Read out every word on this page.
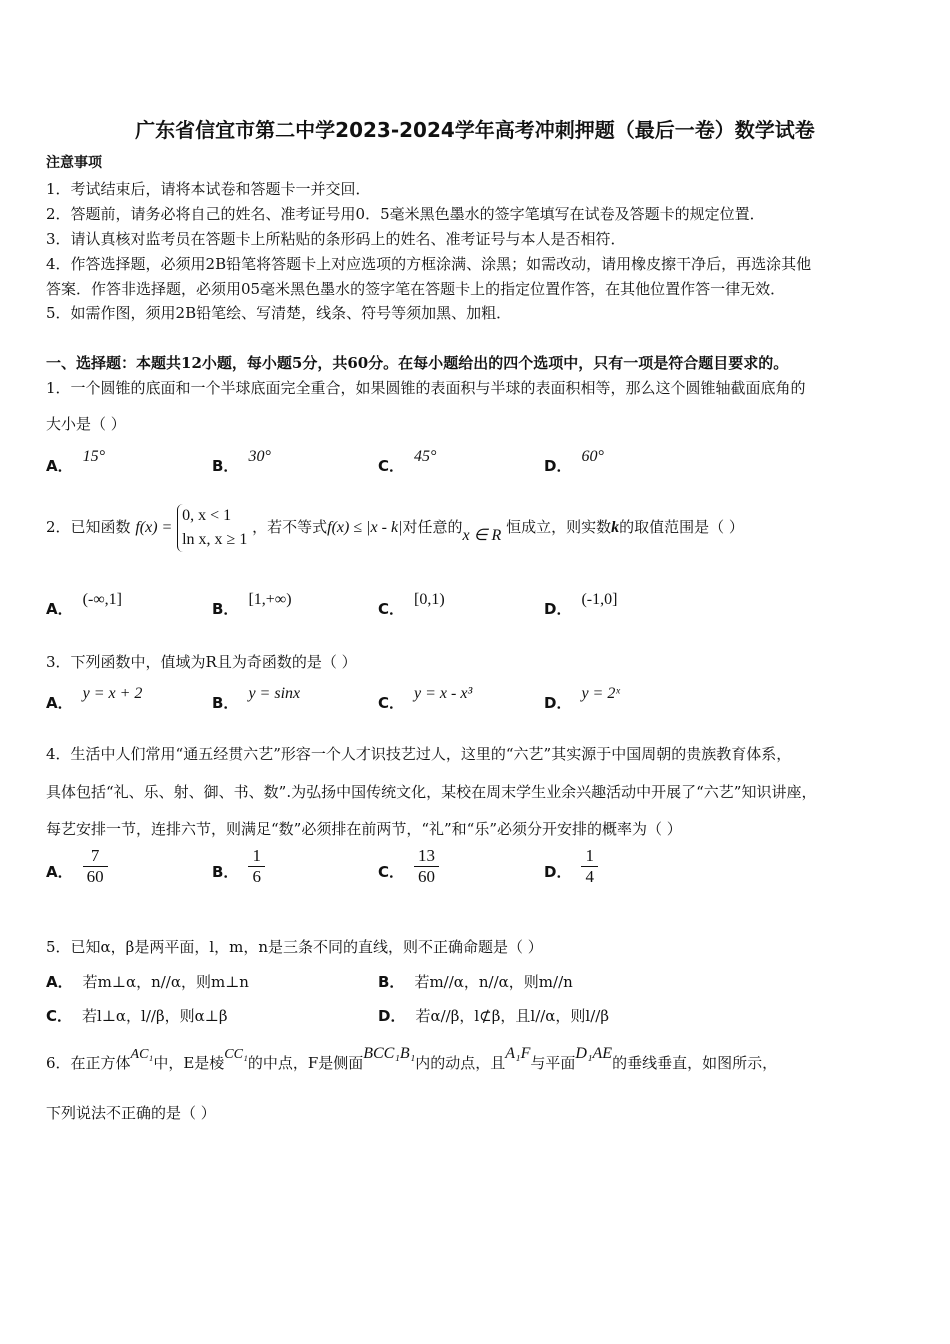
广东省信宜市第二中学2023-2024学年高考冲刺押题（最后一卷）数学试卷
注意事项
1．考试结束后，请将本试卷和答题卡一并交回．
2．答题前，请务必将自己的姓名、准考证号用0．5毫米黑色墨水的签字笔填写在试卷及答题卡的规定位置．
3．请认真核对监考员在答题卡上所粘贴的条形码上的姓名、准考证号与本人是否相符．
4．作答选择题，必须用2B铅笔将答题卡上对应选项的方框涂满、涂黑；如需改动，请用橡皮擦干净后，再选涂其他
答案．作答非选择题，必须用05毫米黑色墨水的签字笔在答题卡上的指定位置作答，在其他位置作答一律无效．
5．如需作图，须用2B铅笔绘、写清楚，线条、符号等须加黑、加粗．
一、选择题：本题共12小题，每小题5分，共60分。在每小题给出的四个选项中，只有一项是符合题目要求的。
1．一个圆锥的底面和一个半球底面完全重合，如果圆锥的表面积与半球的表面积相等，那么这个圆锥轴截面底角的
大小是（ ）
A．15°
B．30°
C．45°
D．60°
2．已知函数 f(x) =
0, x < 1
ln x, x ≥ 1
，若不等式f(x) ≤ |x - k|对任意的x ∈ R 恒成立，则实数k的取值范围是（ ）
A．(-∞,1]
B．[1,+∞)
C．[0,1)
D．(-1,0]
3．下列函数中，值域为R且为奇函数的是（ ）
A．y = x + 2
B．y = sinx
C．y = x - x³
D．y = 2ˣ
4．生活中人们常用“通五经贯六艺”形容一个人才识技艺过人，这里的“六艺”其实源于中国周朝的贵族教育体系，
具体包括“礼、乐、射、御、书、数”.为弘扬中国传统文化，某校在周末学生业余兴趣活动中开展了“六艺”知识讲座，
每艺安排一节，连排六节，则满足“数”必须排在前两节，“礼”和“乐”必须分开安排的概率为（ ）
A． $\frac{7}{60}$	B． $\frac{1}{6}$	C． $\frac{13}{60}$	D． $\frac{1}{4}$
5．已知α，β是两平面，l，m，n是三条不同的直线，则不正确命题是（ ）
A． 若m⊥α，n//α，则m⊥n	B． 若m//α，n//α，则m//n
C． 若l⊥α，l//β，则α⊥β	D． 若α//β，l⊄β，且l//α，则l//β
6．在正方体AC₁中，E是棱CC₁的中点，F是侧面BCC₁B₁内的动点，且A₁F与平面D₁AE的垂线垂直，如图所示，
下列说法不正确的是（ ）
